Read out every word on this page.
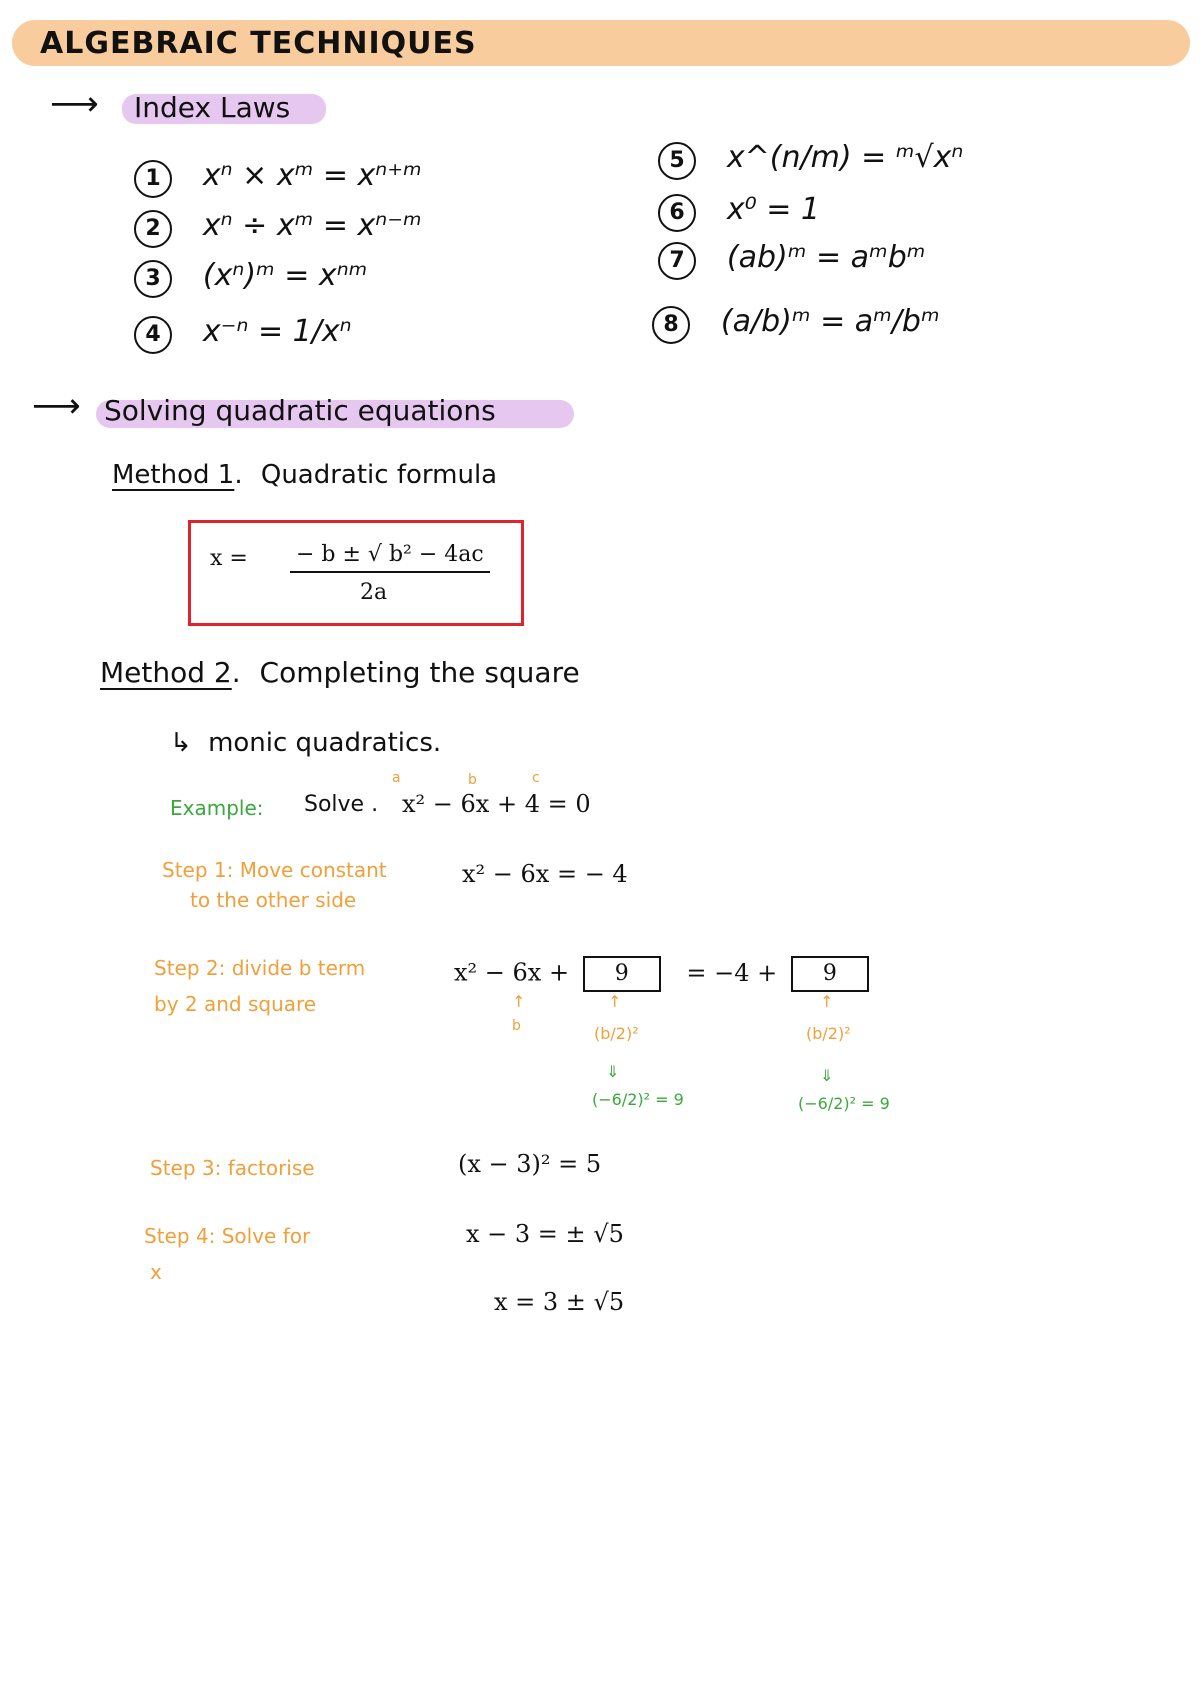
ALGEBRAIC TECHNIQUES
⟶ Index Laws
1 xⁿ × xᵐ = xⁿ⁺ᵐ
2 xⁿ ÷ xᵐ = xⁿ⁻ᵐ
3 (xⁿ)ᵐ = xⁿᵐ
4 x⁻ⁿ = 1/xⁿ
5 x^(n/m) = ᵐ√xⁿ
6 x⁰ = 1
7 (ab)ᵐ = aᵐbᵐ
8 (a/b)ᵐ = aᵐ/bᵐ
⟶ Solving quadratic equations
Method 1. Quadratic formula
x = − b ± √ b² − 4ac
2a
Method 2. Completing the square
↳ monic quadratics.
a	b	c
Example: Solve . x² − 6x + 4 = 0
Step 1: Move constant
to the other side
x² − 6x = − 4
Step 2: divide b term
by 2 and square
x² − 6x + 9 = −4 + 9
↑
b
↑
(b/2)²
⇓
(−6/2)² = 9
↑
(b/2)²
⇓
(−6/2)² = 9
Step 3: factorise	(x − 3)² = 5
Step 4: Solve for
x
x − 3 = ± √5
x = 3 ± √5
